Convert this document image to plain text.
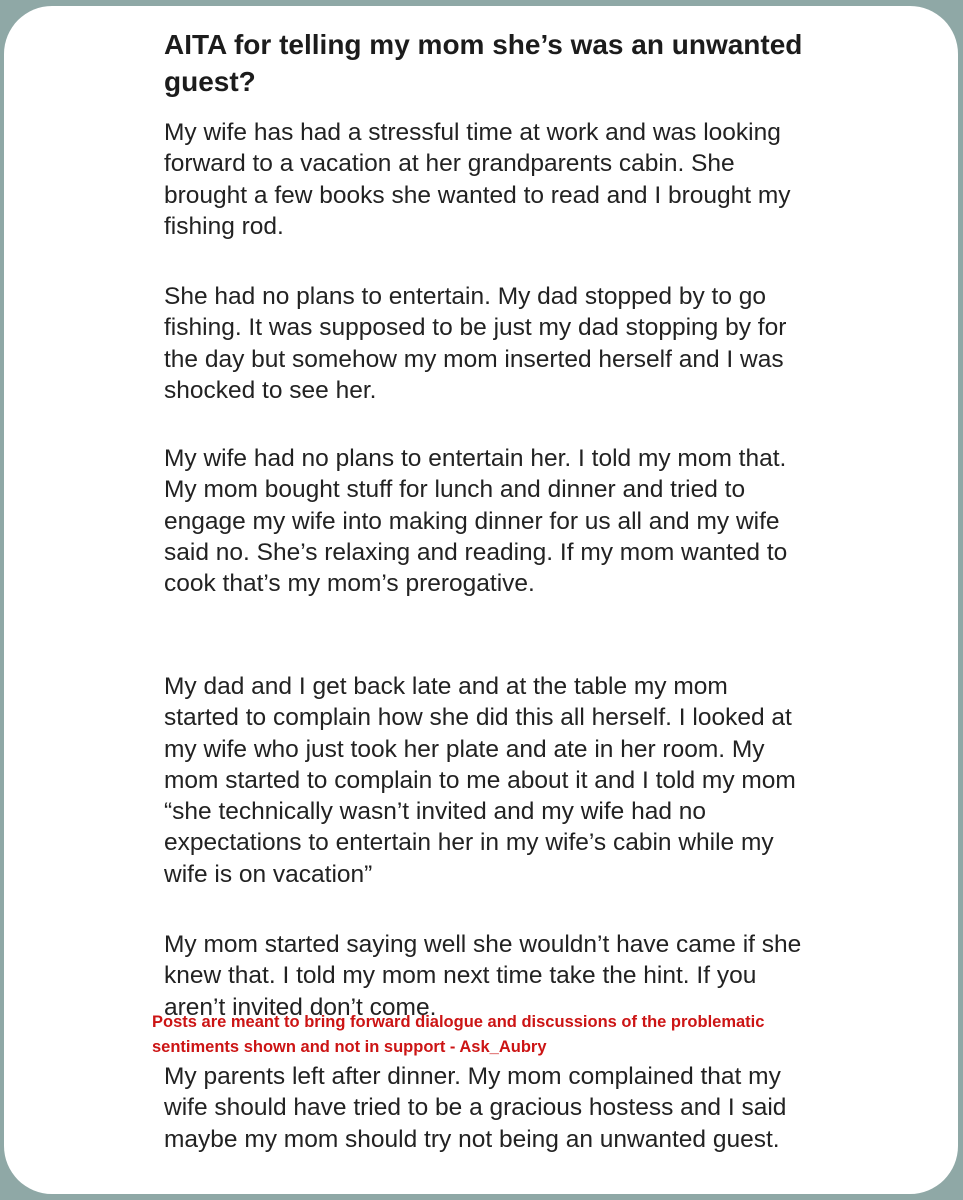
AITA for telling my mom she’s was an unwanted guest?

My wife has had a stressful time at work and was looking forward to a vacation at her grandparents cabin. She brought a few books she wanted to read and I brought my fishing rod.

She had no plans to entertain. My dad stopped by to go fishing. It was supposed to be just my dad stopping by for the day but somehow my mom inserted herself and I was shocked to see her.

My wife had no plans to entertain her. I told my mom that. My mom bought stuff for lunch and dinner and tried to engage my wife into making dinner for us all and my wife said no. She’s relaxing and reading. If my mom wanted to cook that’s my mom’s prerogative.

My dad and I get back late and at the table my mom started to complain how she did this all herself. I looked at my wife who just took her plate and ate in her room. My mom started to complain to me about it and I told my mom “she technically wasn’t invited and my wife had no expectations to entertain her in my wife’s cabin while my wife is on vacation”

My mom started saying well she wouldn’t have came if she knew that. I told my mom next time take the hint. If you aren’t invited don’t come.

My parents left after dinner. My mom complained that my wife should have tried to be a gracious hostess and I said maybe my mom should try not being an unwanted guest.

Posts are meant to bring forward dialogue and discussions of the problematic sentiments shown and not in support - Ask_Aubry
